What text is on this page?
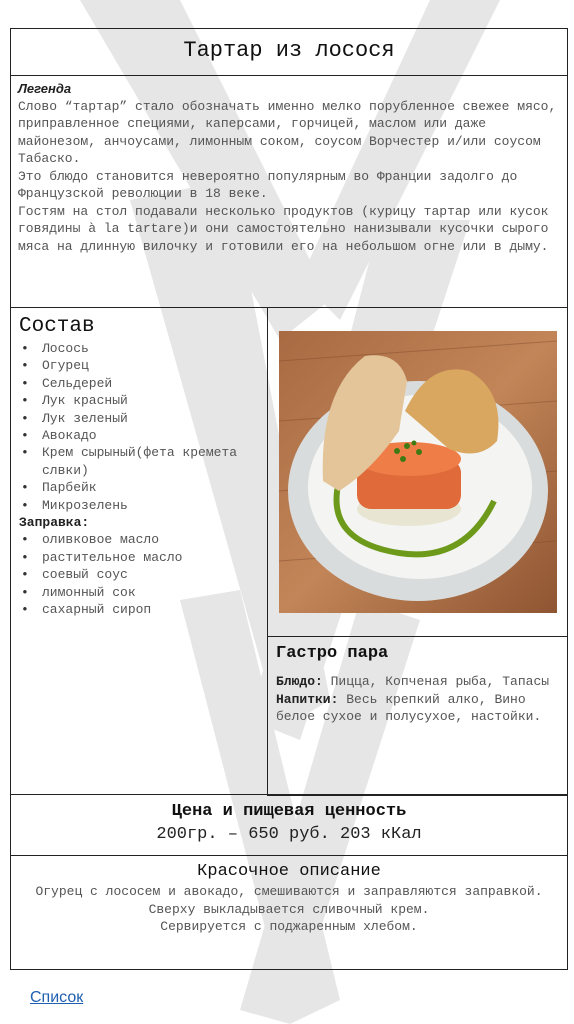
Тартар из лосося
Легенда
Слово “тартар” стало обозначать именно мелко порубленное свежее мясо, приправленное специями, каперсами, горчицей, маслом или даже майонезом, анчоусами, лимонным соком, соусом Ворчестер и/или соусом Табаско.
Это блюдо становится невероятно популярным во Франции задолго до Французской революции в 18 веке.
Гостям на стол подавали несколько продуктов (курицу тартар или кусок говядины à la tartare)и они самостоятельно нанизывали кусочки сырого мяса на длинную вилочку и готовили его на небольшом огне или в дыму.
Состав
• Лосось
• Огурец
• Сельдерей
• Лук красный
• Лук зеленый
• Авокадо
• Крем сырыный(фета кремета слвки)
• Парбейк
• Микрозелень
Заправка:
• оливковое масло
• растительное масло
• соевый соус
• лимонный сок
• сахарный сироп
Гастро пара

Блюдо: Пицца, Копченая рыба, Тапасы

Напитки: Весь крепкий алко, Вино белое сухое и полусухое, настойки.

Цена и пищевая ценность
200гр. – 650 руб. 203 кКал
Красочное описание
Огурец с лососем и авокадо, смешиваются и заправляются заправкой.
Сверху выкладывается сливочный крем.
Сервируется с поджаренным хлебом.
Список
